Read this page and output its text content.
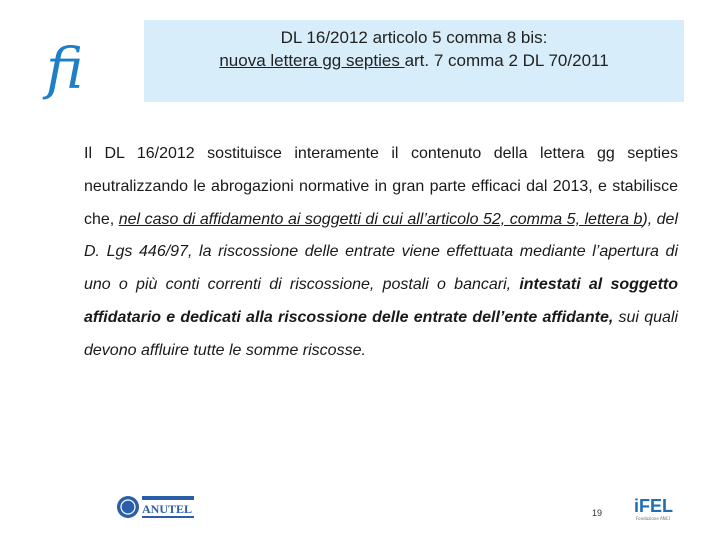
fi	DL 16/2012 articolo 5 comma 8 bis:
nuova lettera gg septies art. 7 comma 2 DL 70/2011
Il DL 16/2012 sostituisce interamente il contenuto della lettera gg septies neutralizzando le abrogazioni normative in gran parte efficaci dal 2013, e stabilisce che, nel caso di affidamento ai soggetti di cui all’articolo 52, comma 5, lettera b), del D. Lgs 446/97, la riscossione delle entrate viene effettuata mediante l’apertura di uno o più conti correnti di riscossione, postali o bancari, intestati al soggetto affidatario e dedicati alla riscossione delle entrate dell’ente affidante, sui quali devono affluire tutte le somme riscosse.
ANUTEL	19 iFEL
Fondazione ANCI
